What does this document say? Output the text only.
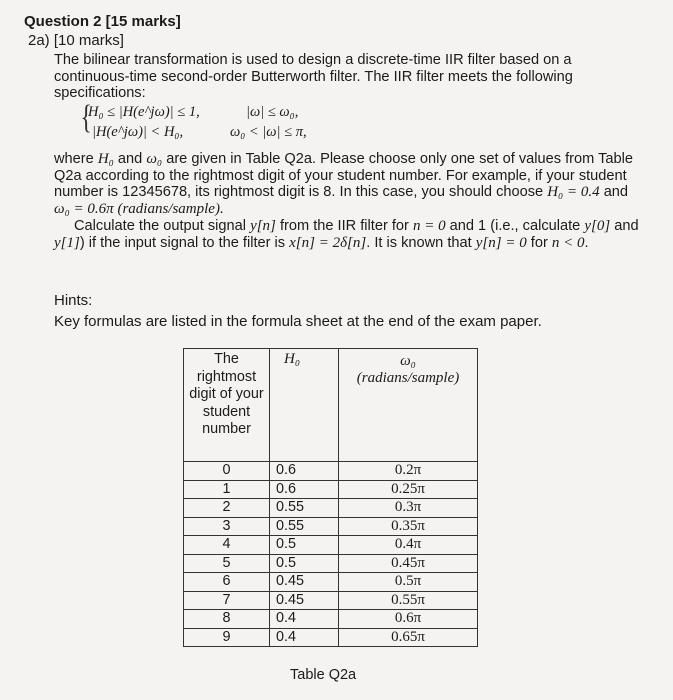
Question 2 [15 marks]
2a) [10 marks]

The bilinear transformation is used to design a discrete-time IIR filter based on a continuous-time second-order Butterworth filter. The IIR filter meets the following specifications:

{
H₀ ≤ |H(e^jω)| ≤ 1,	|ω| ≤ ω₀,
|H(e^jω)| < H₀,	ω₀ < |ω| ≤ π,

where H₀ and ω₀ are given in Table Q2a. Please choose only one set of values from Table Q2a according to the rightmost digit of your student number. For example, if your student number is 12345678, its rightmost digit is 8. In this case, you should choose H₀ = 0.4 and ω₀ = 0.6π (radians/sample).

Calculate the output signal y[n] from the IIR filter for n = 0 and 1 (i.e., calculate y[0] and y[1]) if the input signal to the filter is x[n] = 2δ[n]. It is known that y[n] = 0 for n < 0.

Hints:
Key formulas are listed in the formula sheet at the end of the exam paper.
The rightmost digit of your student number	H₀	ω₀
(radians/sample)

0	0.6	0.2π
1	0.6	0.25π
2	0.55	0.3π
3	0.55	0.35π
4	0.5	0.4π
5	0.5	0.45π
6	0.45	0.5π
7	0.45	0.55π
8	0.4	0.6π
9	0.4	0.65π
Table Q2a
